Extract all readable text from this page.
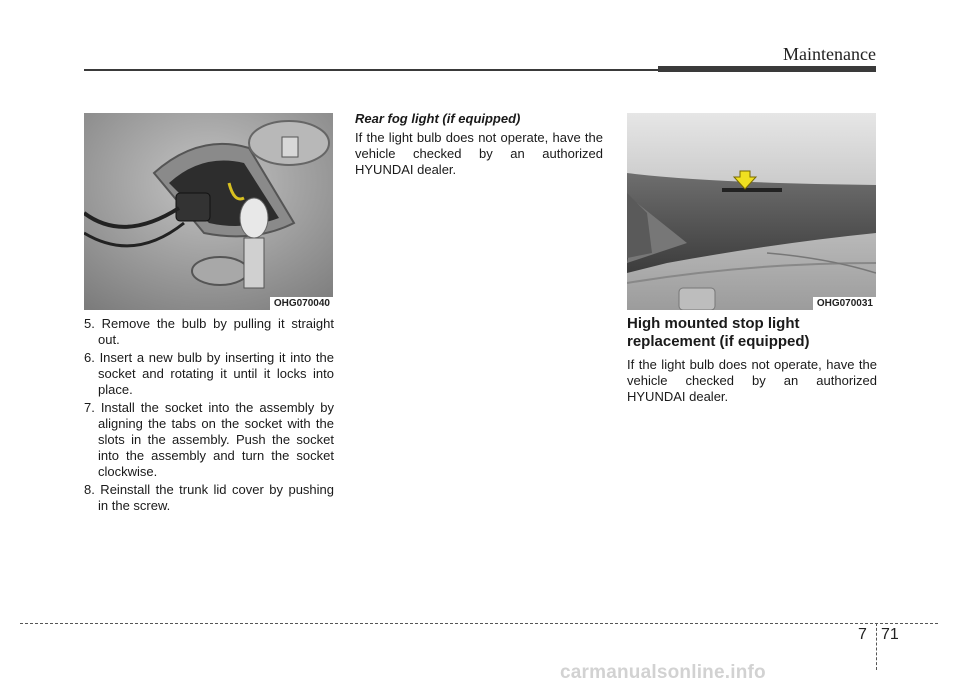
Maintenance
OHG070040	OHG070031
5. Remove the bulb by pulling it straight out.
6. Insert a new bulb by inserting it into the socket and rotating it until it locks into place.
7. Install the socket into the assembly by aligning the tabs on the socket with the slots in the assembly. Push the socket into the assembly and turn the socket clockwise.
8. Reinstall the trunk lid cover by pushing in the screw.

Rear fog light (if equipped)

If the light bulb does not operate, have the vehicle checked by an authorized HYUNDAI dealer.

High mounted stop light replacement (if equipped)

If the light bulb does not operate, have the vehicle checked by an authorized HYUNDAI dealer.

7 71
carmanualsonline.info
